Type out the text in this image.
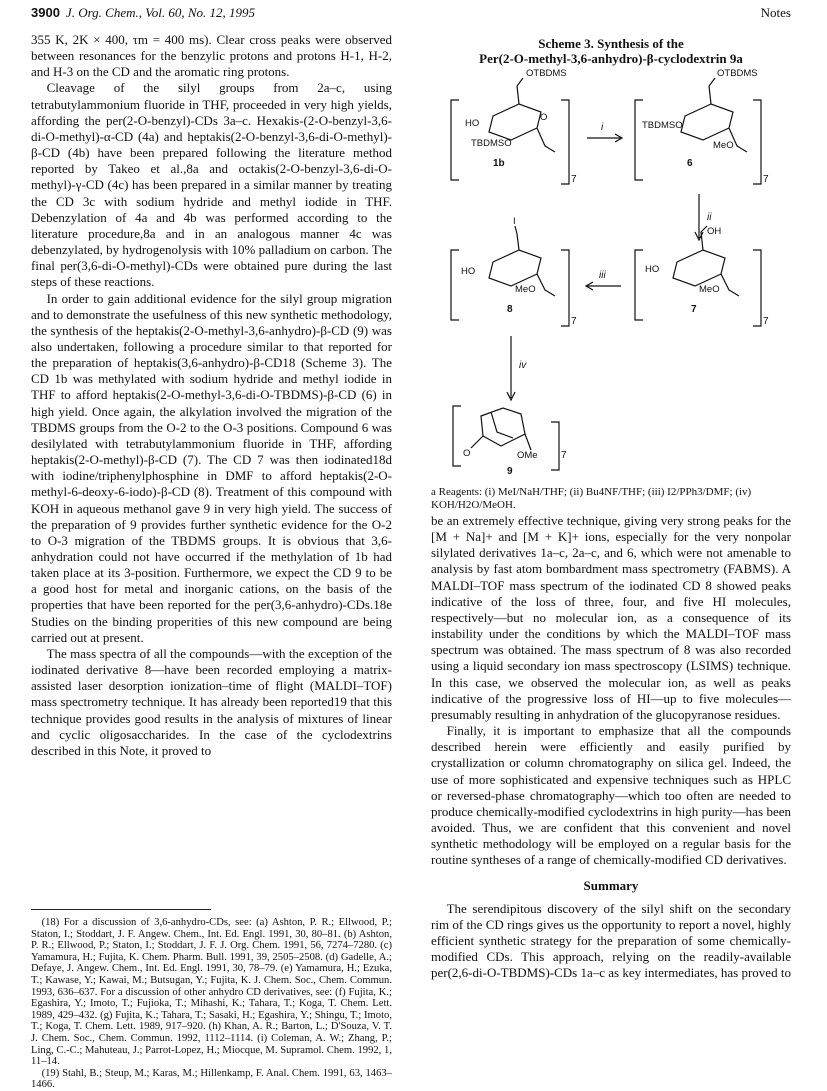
3900 J. Org. Chem., Vol. 60, No. 12, 1995	Notes

355 K, 2K × 400, τm = 400 ms). Clear cross peaks were observed between resonances for the benzylic protons and protons H-1, H-2, and H-3 on the CD and the aromatic ring protons.

Cleavage of the silyl groups from 2a–c, using tetrabutylammonium fluoride in THF, proceeded in very high yields, affording the per(2-O-benzyl)-CDs 3a–c. Hexakis-(2-O-benzyl-3,6-di-O-methyl)-α-CD (4a) and heptakis(2-O-benzyl-3,6-di-O-methyl)-β-CD (4b) have been prepared following the literature method reported by Takeo et al.,8a and octakis(2-O-benzyl-3,6-di-O-methyl)-γ-CD (4c) has been prepared in a similar manner by treating the CD 3c with sodium hydride and methyl iodide in THF. Debenzylation of 4a and 4b was performed according to the literature procedure,8a and in an analogous manner 4c was debenzylated, by hydrogenolysis with 10% palladium on carbon. The final per(3,6-di-O-methyl)-CDs were obtained pure during the last steps of these reactions.

In order to gain additional evidence for the silyl group migration and to demonstrate the usefulness of this new synthetic methodology, the synthesis of the heptakis(2-O-methyl-3,6-anhydro)-β-CD (9) was also undertaken, following a procedure similar to that reported for the preparation of heptakis(3,6-anhydro)-β-CD18 (Scheme 3). The CD 1b was methylated with sodium hydride and methyl iodide in THF to afford heptakis(2-O-methyl-3,6-di-O-TBDMS)-β-CD (6) in high yield. Once again, the alkylation involved the migration of the TBDMS groups from the O-2 to the O-3 positions. Compound 6 was desilylated with tetrabutylammonium fluoride in THF, affording heptakis(2-O-methyl)-β-CD (7). The CD 7 was then iodinated18d with iodine/triphenylphosphine in DMF to afford heptakis(2-O-methyl-6-deoxy-6-iodo)-β-CD (8). Treatment of this compound with KOH in aqueous methanol gave 9 in very high yield. The success of the preparation of 9 provides further synthetic evidence for the O-2 to O-3 migration of the TBDMS groups. It is obvious that 3,6-anhydration could not have occurred if the methylation of 1b had taken place at its 3-position. Furthermore, we expect the CD 9 to be a good host for metal and inorganic cations, on the basis of the properties that have been reported for the per(3,6-anhydro)-CDs.18e Studies on the binding properities of this new compound are being carried out at present.

The mass spectra of all the compounds—with the exception of the iodinated derivative 8—have been recorded employing a matrix-assisted laser desorption ionization–time of flight (MALDI–TOF) mass spectrometry technique. It has already been reported19 that this technique provides good results in the analysis of mixtures of linear and cyclic oligosaccharides. In the case of the cyclodextrins described in this Note, it proved to

(18) For a discussion of 3,6-anhydro-CDs, see: (a) Ashton, P. R.; Ellwood, P.; Staton, I.; Stoddart, J. F. Angew. Chem., Int. Ed. Engl. 1991, 30, 80–81. (b) Ashton, P. R.; Ellwood, P.; Staton, I.; Stoddart, J. F. J. Org. Chem. 1991, 56, 7274–7280. (c) Yamamura, H.; Fujita, K. Chem. Pharm. Bull. 1991, 39, 2505–2508. (d) Gadelle, A.; Defaye, J. Angew. Chem., Int. Ed. Engl. 1991, 30, 78–79. (e) Yamamura, H.; Ezuka, T.; Kawase, Y.; Kawai, M.; Butsugan, Y.; Fujita, K. J. Chem. Soc., Chem. Commun. 1993, 636–637. For a discussion of other anhydro CD derivatives, see: (f) Fujita, K.; Egashira, Y.; Imoto, T.; Fujioka, T.; Mihashi, K.; Tahara, T.; Koga, T. Chem. Lett. 1989, 429–432. (g) Fujita, K.; Tahara, T.; Sasaki, H.; Egashira, Y.; Shingu, T.; Imoto, T.; Koga, T. Chem. Lett. 1989, 917–920. (h) Khan, A. R.; Barton, L.; D'Souza, V. T. J. Chem. Soc., Chem. Commun. 1992, 1112–1114. (i) Coleman, A. W.; Zhang, P.; Ling, C.-C.; Mahuteau, J.; Parrot-Lopez, H.; Miocque, M. Supramol. Chem. 1992, 1, 11–14.

(19) Stahl, B.; Steup, M.; Karas, M.; Hillenkamp, F. Anal. Chem. 1991, 63, 1463–1466.

Scheme 3. Synthesis of the
Per(2-O-methyl-3,6-anhydro)-β-cyclodextrin 9a
OTBDMS
HO
TBDMSO
O
1b
7
i
OTBDMS
TBDMSO
MeO
6
7
ii
OH
HO
MeO
7
7
iii
I
HO
MeO
8
7
iv
O	OMe
9
7
a Reagents: (i) MeI/NaH/THF; (ii) Bu4NF/THF; (iii) I2/PPh3/DMF; (iv) KOH/H2O/MeOH.

be an extremely effective technique, giving very strong peaks for the [M + Na]+ and [M + K]+ ions, especially for the very nonpolar silylated derivatives 1a–c, 2a–c, and 6, which were not amenable to analysis by fast atom bombardment mass spectrometry (FABMS). A MALDI–TOF mass spectrum of the iodinated CD 8 showed peaks indicative of the loss of three, four, and five HI molecules, respectively—but no molecular ion, as a consequence of its instability under the conditions by which the MALDI–TOF mass spectrum was obtained. The mass spectrum of 8 was also recorded using a liquid secondary ion mass spectroscopy (LSIMS) technique. In this case, we observed the molecular ion, as well as peaks indicative of the progressive loss of HI—up to five molecules—presumably resulting in anhydration of the glucopyranose residues.

Finally, it is important to emphasize that all the compounds described herein were efficiently and easily purified by crystallization or column chromatography on silica gel. Indeed, the use of more sophisticated and expensive techniques such as HPLC or reversed-phase chromatography—which too often are needed to produce chemically-modified cyclodextrins in high purity—has been avoided. Thus, we are confident that this convenient and novel synthetic methodology will be employed on a regular basis for the routine syntheses of a range of chemically-modified CD derivatives.

Summary

The serendipitous discovery of the silyl shift on the secondary rim of the CD rings gives us the opportunity to report a novel, highly efficient synthetic strategy for the preparation of some chemically-modified CDs. This approach, relying on the readily-available per(2,6-di-O-TBDMS)-CDs 1a–c as key intermediates, has proved to
